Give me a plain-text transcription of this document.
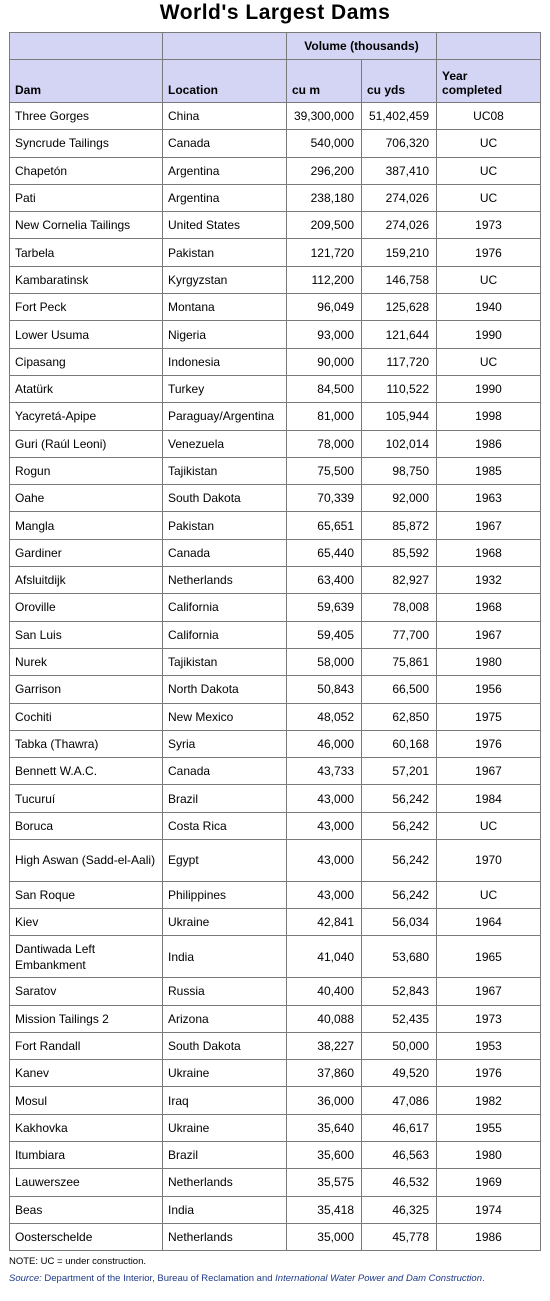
World's Largest Dams
		Volume (thousands)		
Dam	Location	cu m	cu yds	Year
completed
Three Gorges	China	39,300,000	51,402,459	UC08
Syncrude Tailings	Canada	540,000	706,320	UC
Chapetón	Argentina	296,200	387,410	UC
Pati	Argentina	238,180	274,026	UC
New Cornelia Tailings	United States	209,500	274,026	1973
Tarbela	Pakistan	121,720	159,210	1976
Kambaratinsk	Kyrgyzstan	112,200	146,758	UC
Fort Peck	Montana	96,049	125,628	1940
Lower Usuma	Nigeria	93,000	121,644	1990
Cipasang	Indonesia	90,000	117,720	UC
Atatürk	Turkey	84,500	110,522	1990
Yacyretá-Apipe	Paraguay/Argentina	81,000	105,944	1998
Guri (Raúl Leoni)	Venezuela	78,000	102,014	1986
Rogun	Tajikistan	75,500	98,750	1985
Oahe	South Dakota	70,339	92,000	1963
Mangla	Pakistan	65,651	85,872	1967
Gardiner	Canada	65,440	85,592	1968
Afsluitdijk	Netherlands	63,400	82,927	1932
Oroville	California	59,639	78,008	1968
San Luis	California	59,405	77,700	1967
Nurek	Tajikistan	58,000	75,861	1980
Garrison	North Dakota	50,843	66,500	1956
Cochiti	New Mexico	48,052	62,850	1975
Tabka (Thawra)	Syria	46,000	60,168	1976
Bennett W.A.C.	Canada	43,733	57,201	1967
Tucuruí	Brazil	43,000	56,242	1984
Boruca	Costa Rica	43,000	56,242	UC
High Aswan (Sadd-el-Aali)	Egypt	43,000	56,242	1970
San Roque	Philippines	43,000	56,242	UC
Kiev	Ukraine	42,841	56,034	1964
Dantiwada Left Embankment	India	41,040	53,680	1965
Saratov	Russia	40,400	52,843	1967
Mission Tailings 2	Arizona	40,088	52,435	1973
Fort Randall	South Dakota	38,227	50,000	1953
Kanev	Ukraine	37,860	49,520	1976
Mosul	Iraq	36,000	47,086	1982
Kakhovka	Ukraine	35,640	46,617	1955
Itumbiara	Brazil	35,600	46,563	1980
Lauwerszee	Netherlands	35,575	46,532	1969
Beas	India	35,418	46,325	1974
Oosterschelde	Netherlands	35,000	45,778	1986
NOTE: UC = under construction.
Source: Department of the Interior, Bureau of Reclamation and International Water Power and Dam Construction.
